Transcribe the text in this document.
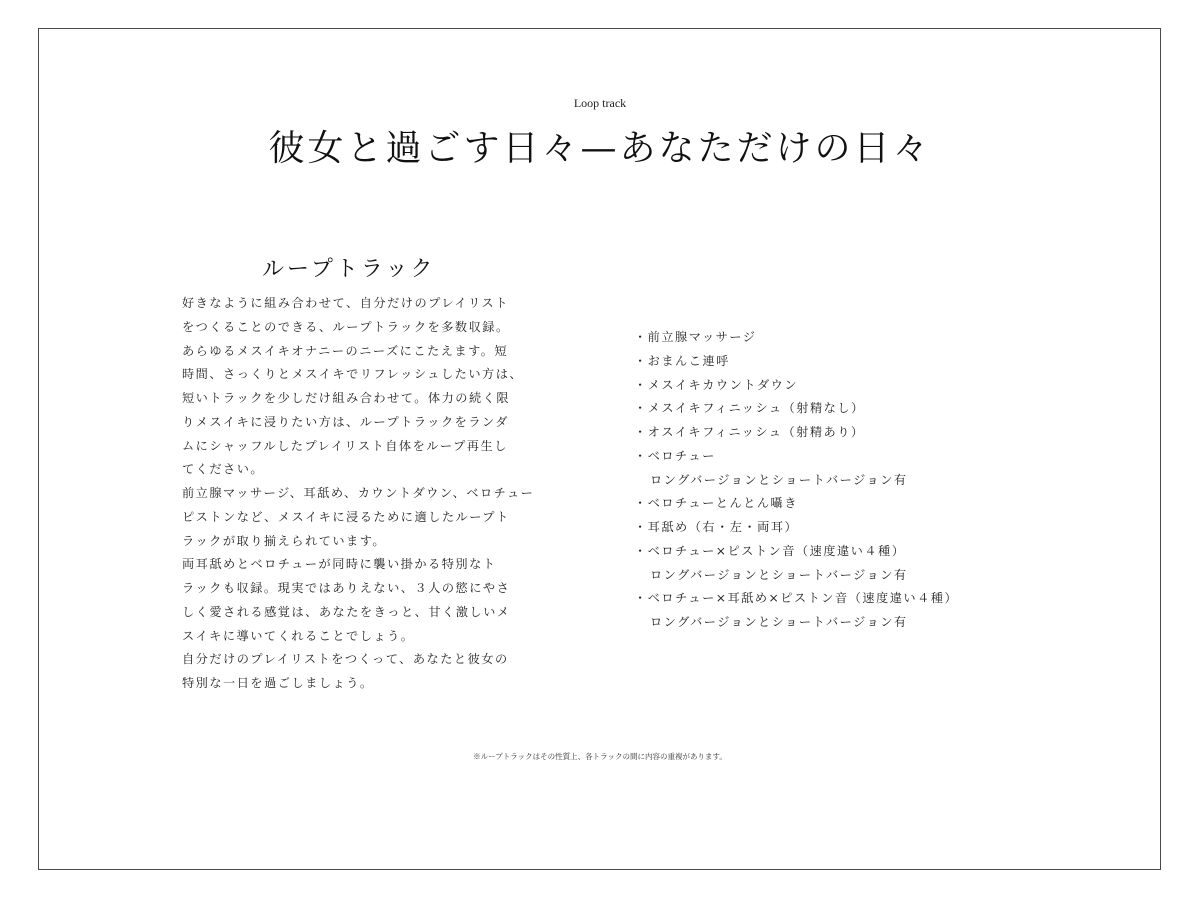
Loop track
彼女と過ごす日々—あなただけの日々
ループトラック

好きなように組み合わせて、自分だけのプレイリスト

をつくることのできる、ループトラックを多数収録。

あらゆるメスイキオナニーのニーズにこたえます。短

時間、さっくりとメスイキでリフレッシュしたい方は、

短いトラックを少しだけ組み合わせて。体力の続く限

りメスイキに浸りたい方は、ループトラックをランダ

ムにシャッフルしたプレイリスト自体をループ再生し

てください。

前立腺マッサージ、耳舐め、カウントダウン、ベロチュー

ピストンなど、メスイキに浸るために適したループト

ラックが取り揃えられています。

両耳舐めとベロチューが同時に襲い掛かる特別なト

ラックも収録。現実ではありえない、３人の慾にやさ

しく愛される感覚は、あなたをきっと、甘く激しいメ

スイキに導いてくれることでしょう。

自分だけのプレイリストをつくって、あなたと彼女の

特別な一日を過ごしましょう。

・前立腺マッサージ
・おまんこ連呼
・メスイキカウントダウン
・メスイキフィニッシュ（射精なし）
・オスイキフィニッシュ（射精あり）
・ベロチュー
ロングバージョンとショートバージョン有
・ベロチューとんとん囁き
・耳舐め（右・左・両耳）
・ベロチュー×ピストン音（速度違い４種）
ロングバージョンとショートバージョン有
・ベロチュー×耳舐め×ピストン音（速度違い４種）
ロングバージョンとショートバージョン有
※ループトラックはその性質上、各トラックの間に内容の重複があります。
